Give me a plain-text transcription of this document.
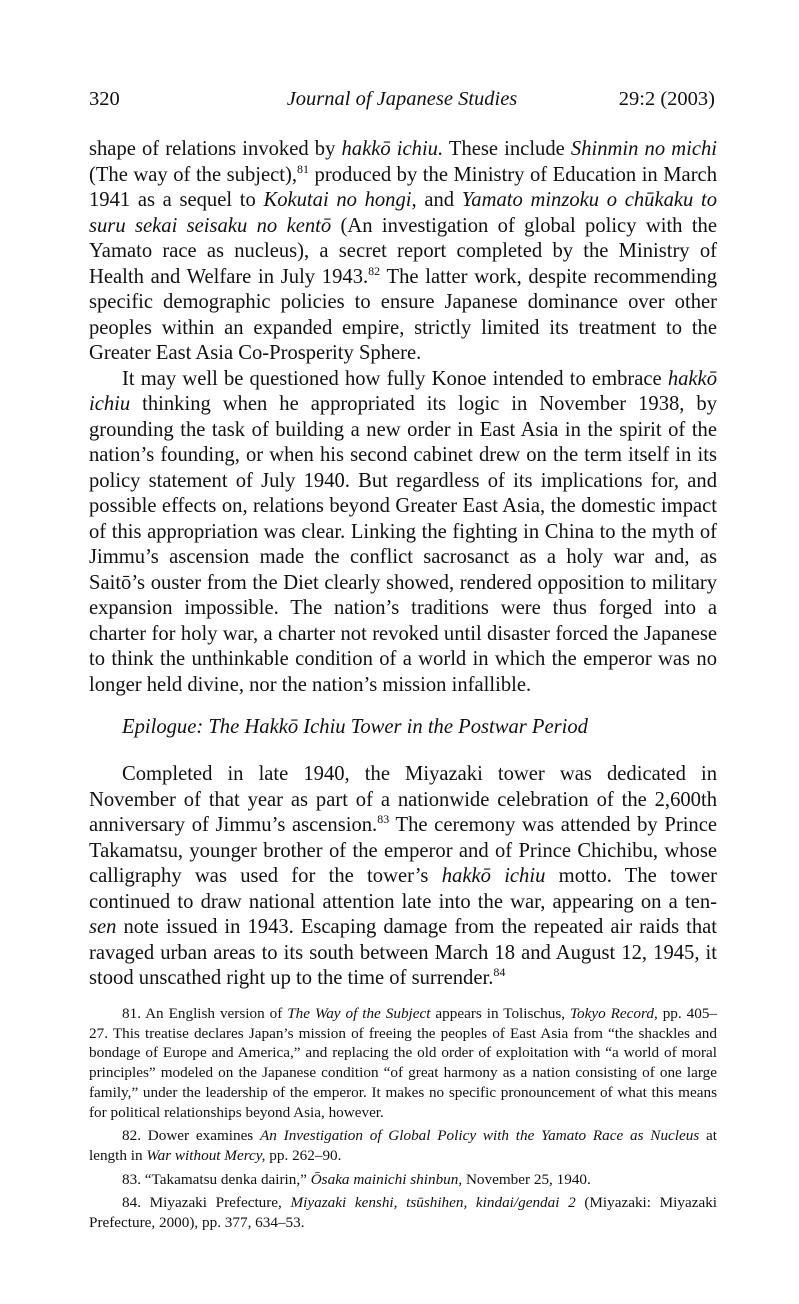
320	Journal of Japanese Studies	29:2 (2003)

shape of relations invoked by hakkō ichiu. These include Shinmin no michi (The way of the subject),$^{81}$ produced by the Ministry of Education in March 1941 as a sequel to Kokutai no hongi, and Yamato minzoku o chūkaku to suru sekai seisaku no kentō (An investigation of global policy with the Yamato race as nucleus), a secret report completed by the Ministry of Health and Welfare in July 1943.82 The latter work, despite recommending specific demographic policies to ensure Japanese dominance over other peoples within an expanded empire, strictly limited its treatment to the Greater East Asia Co-Prosperity Sphere.

It may well be questioned how fully Konoe intended to embrace hakkō ichiu thinking when he appropriated its logic in November 1938, by grounding the task of building a new order in East Asia in the spirit of the nation’s founding, or when his second cabinet drew on the term itself in its policy statement of July 1940. But regardless of its implications for, and possible effects on, relations beyond Greater East Asia, the domestic impact of this appropriation was clear. Linking the fighting in China to the myth of Jimmu’s ascension made the conflict sacrosanct as a holy war and, as Saitō’s ouster from the Diet clearly showed, rendered opposition to military expansion impossible. The nation’s traditions were thus forged into a charter for holy war, a charter not revoked until disaster forced the Japanese to think the unthinkable condition of a world in which the emperor was no longer held divine, nor the nation’s mission infallible.

Epilogue: The Hakkō Ichiu Tower in the Postwar Period

Completed in late 1940, the Miyazaki tower was dedicated in November of that year as part of a nationwide celebration of the 2,600th anniversary of Jimmu’s ascension.$^{83}$ The ceremony was attended by Prince Takamatsu, younger brother of the emperor and of Prince Chichibu, whose calligraphy was used for the tower’s hakkō ichiu motto. The tower continued to draw national attention late into the war, appearing on a ten-sen note issued in 1943. Escaping damage from the repeated air raids that ravaged urban areas to its south between March 18 and August 12, 1945, it stood unscathed right up to the time of surrender.$^{84}$

81. An English version of The Way of the Subject appears in Tolischus, Tokyo Record, pp. 405–27. This treatise declares Japan’s mission of freeing the peoples of East Asia from “the shackles and bondage of Europe and America,” and replacing the old order of exploitation with “a world of moral principles” modeled on the Japanese condition “of great harmony as a nation consisting of one large family,” under the leadership of the emperor. It makes no specific pronouncement of what this means for political relationships beyond Asia, however.

82. Dower examines An Investigation of Global Policy with the Yamato Race as Nucleus at length in War without Mercy, pp. 262–90.

83. “Takamatsu denka dairin,” Ōsaka mainichi shinbun, November 25, 1940.

84. Miyazaki Prefecture, Miyazaki kenshi, tsūshihen, kindai/gendai 2 (Miyazaki: Miyazaki Prefecture, 2000), pp. 377, 634–53.
